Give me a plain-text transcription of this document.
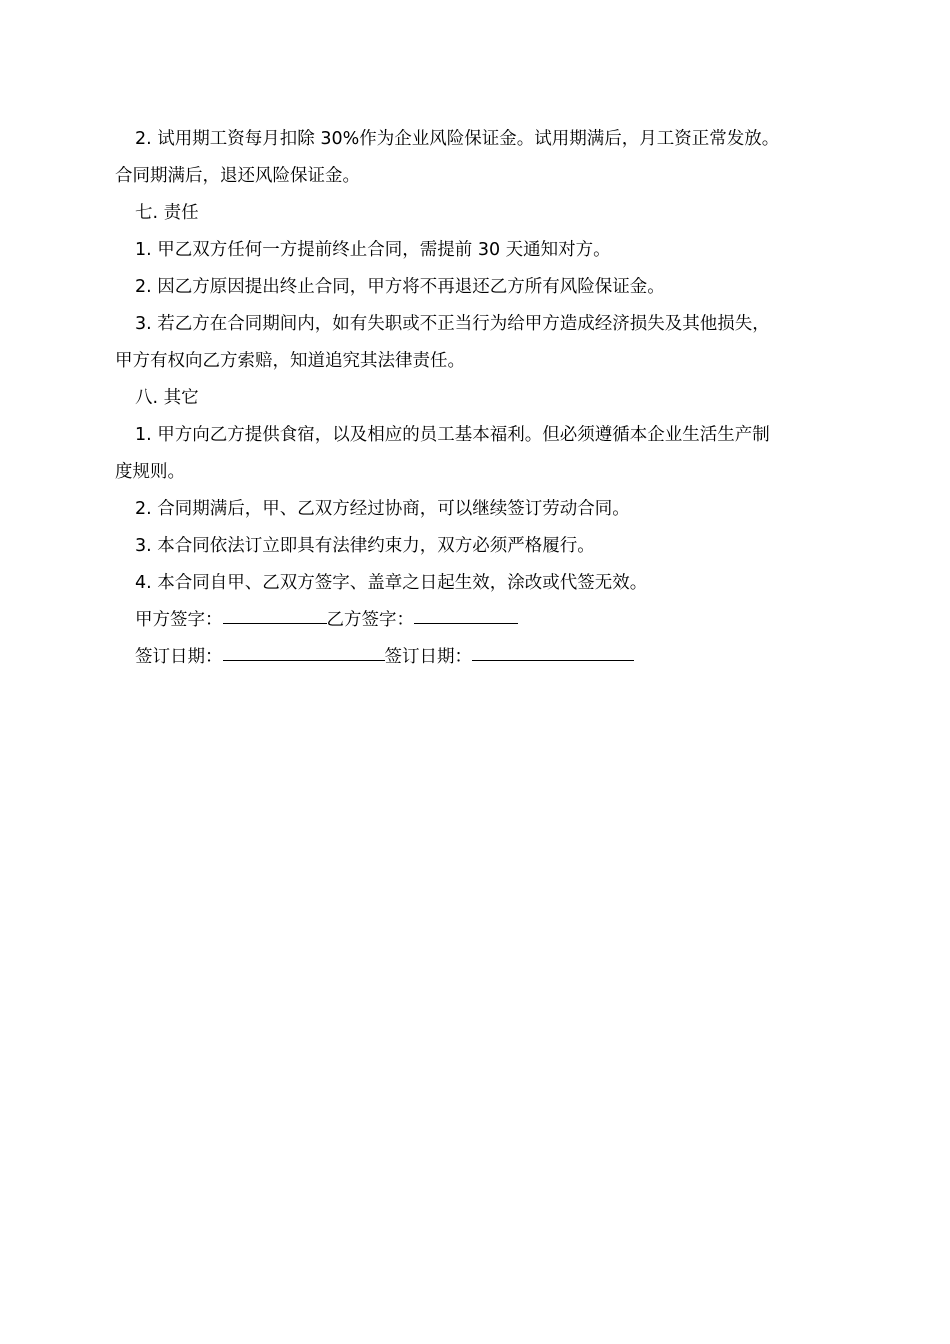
2. 试用期工资每月扣除 30%作为企业风险保证金。试用期满后，月工资正常发放。
合同期满后，退还风险保证金。
七. 责任
1. 甲乙双方任何一方提前终止合同，需提前 30 天通知对方。
2. 因乙方原因提出终止合同，甲方将不再退还乙方所有风险保证金。
3. 若乙方在合同期间内，如有失职或不正当行为给甲方造成经济损失及其他损失，
甲方有权向乙方索赔，知道追究其法律责任。
八. 其它
1. 甲方向乙方提供食宿，以及相应的员工基本福利。但必须遵循本企业生活生产制
度规则。
2. 合同期满后，甲、乙双方经过协商，可以继续签订劳动合同。
3. 本合同依法订立即具有法律约束力，双方必须严格履行。
4. 本合同自甲、乙双方签字、盖章之日起生效，涂改或代签无效。
甲方签字：	乙方签字：
签订日期：	签订日期：
